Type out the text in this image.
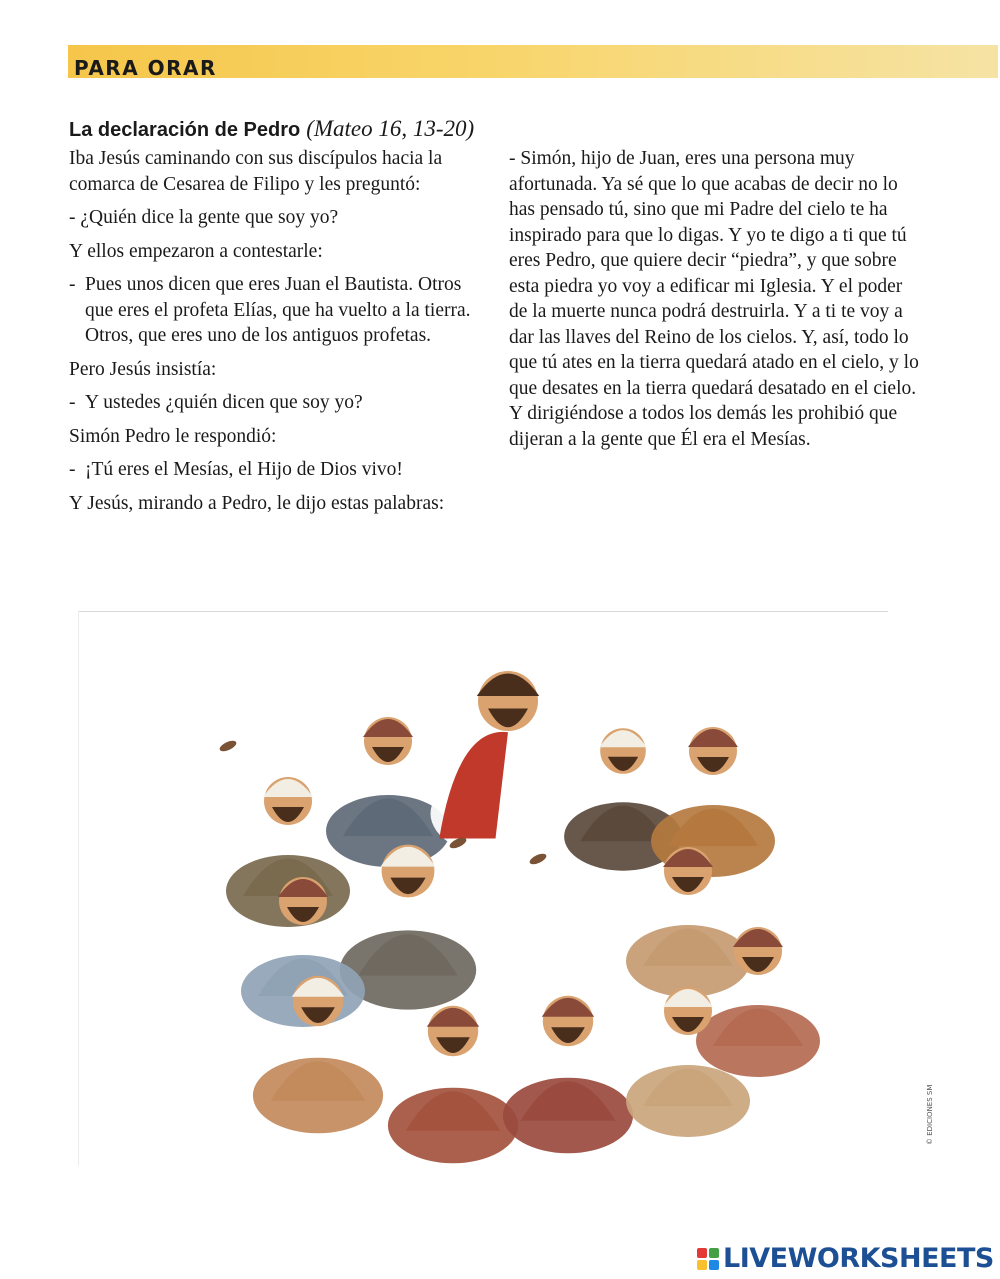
PARA ORAR
La declaración de Pedro (Mateo 16, 13-20)

Iba Jesús caminando con sus discípulos hacia la comarca de Cesarea de Filipo y les preguntó:

- ¿Quién dice la gente que soy yo?

Y ellos empezaron a contestarle:

- Pues unos dicen que eres Juan el Bautista. Otros que eres el profeta Elías, que ha vuelto a la tierra. Otros, que eres uno de los antiguos profetas.

Pero Jesús insistía:

- Y ustedes ¿quién dicen que soy yo?

Simón Pedro le respondió:

- ¡Tú eres el Mesías, el Hijo de Dios vivo!

Y Jesús, mirando a Pedro, le dijo estas palabras:

- Simón, hijo de Juan, eres una persona muy afortunada. Ya sé que lo que acabas de decir no lo has pensado tú, sino que mi Padre del cielo te ha inspirado para que lo digas. Y yo te digo a ti que tú eres Pedro, que quiere decir “piedra”, y que sobre esta piedra yo voy a edificar mi Iglesia. Y el poder de la muerte nunca podrá destruirla. Y a ti te voy a dar las llaves del Reino de los cielos. Y, así, todo lo que tú ates en la tierra quedará atado en el cielo, y lo que desates en la tierra quedará desatado en el cielo. Y dirigiéndose a todos los demás les prohibió que dijeran a la gente que Él era el Mesías.

© EDICIONES SM
LIVEWORKSHEETS
